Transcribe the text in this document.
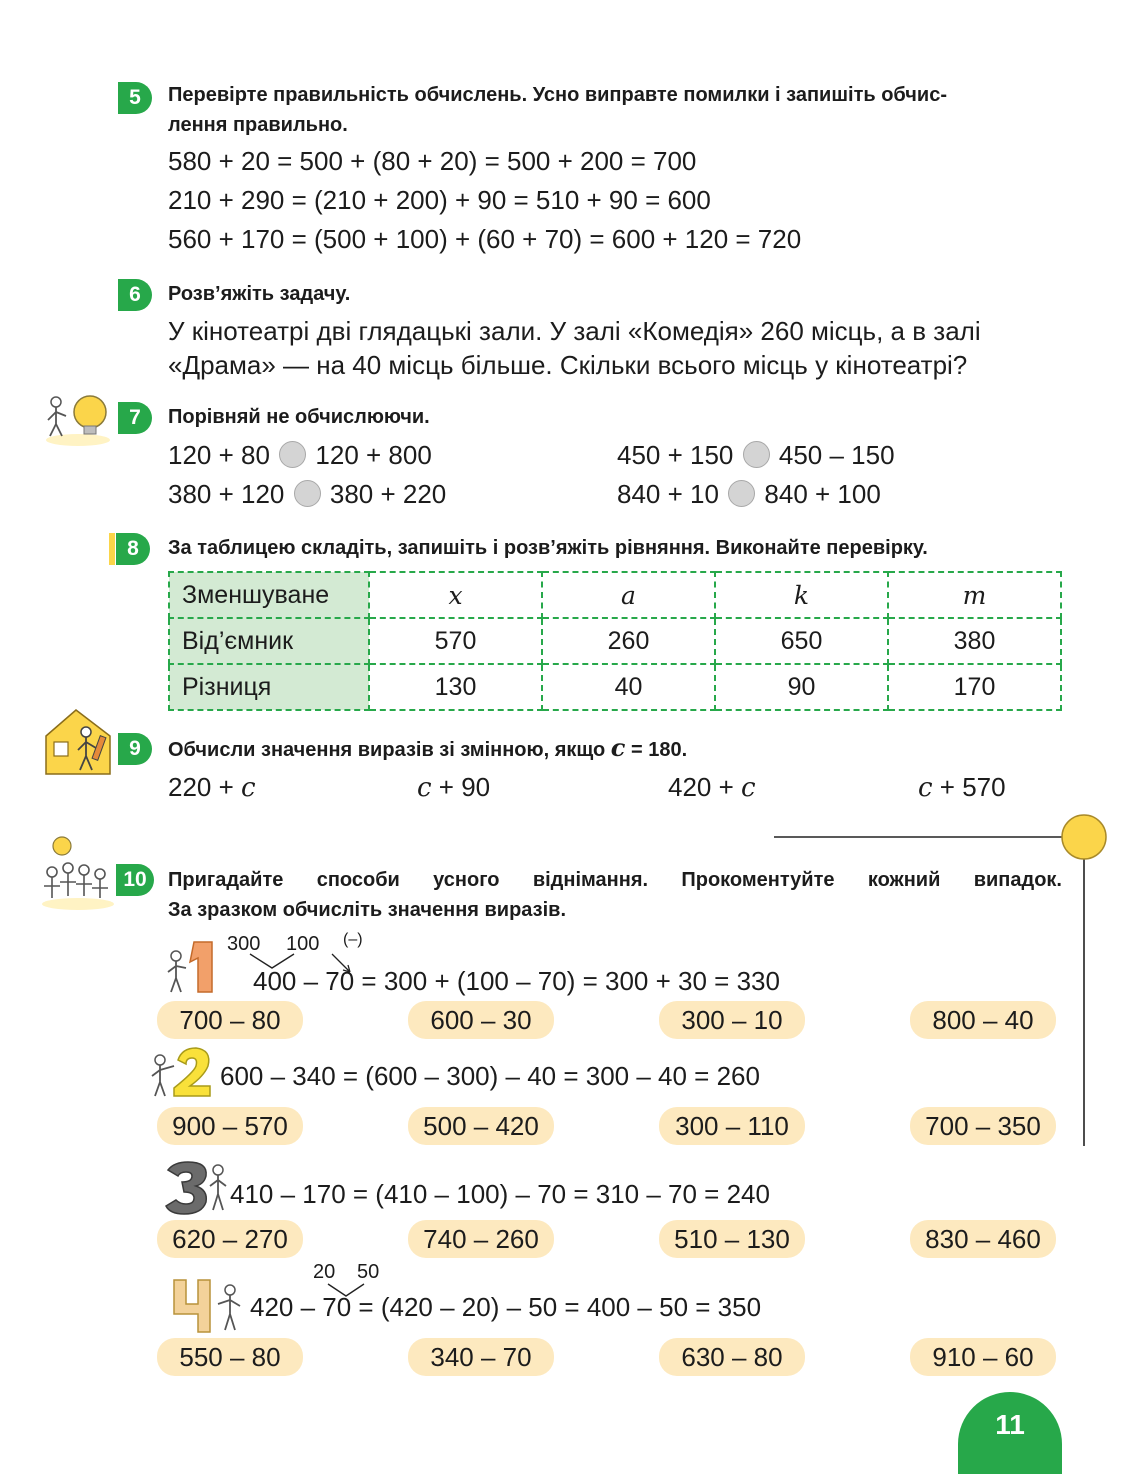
5	Перевірте правильність обчислень. Усно виправте помилки і запишіть обчис-
лення правильно.
580 + 20 = 500 + (80 + 20) = 500 + 200 = 700
210 + 290 = (210 + 200) + 90 = 510 + 90 = 600
560 + 170 = (500 + 100) + (60 + 70) = 600 + 120 = 720
6	Розв’яжіть задачу.
У кінотеатрі дві глядацькі зали. У залі «Комедія» 260 місць, а в залі
«Драма» — на 40 місць більше. Скільки всього місць у кінотеатрі?
7	Порівняй не обчислюючи.
120 + 80 120 + 800	450 + 150 450 – 150
380 + 120 380 + 220	840 + 10 840 + 100
8	За таблицею складіть, запишіть і розв’яжіть рівняння. Виконайте перевірку.
Зменшуване	x	a	k	m
Від’ємник	570	260	650	380
Різниця	130	40	90	170
9	Обчисли значення виразів зі змінною, якщо c = 180.
220 + c	c + 90	420 + c	c + 570
10	Пригадайте способи усного віднімання. Прокоментуйте кожний випадок.
За зразком обчисліть значення виразів.
300 100 (–)
400 – 70 = 300 + (100 – 70) = 300 + 30 = 330
700 – 80	600 – 30	300 – 10	800 – 40
600 – 340 = (600 – 300) – 40 = 300 – 40 = 260
900 – 570	500 – 420	300 – 110	700 – 350
410 – 170 = (410 – 100) – 70 = 310 – 70 = 240
620 – 270	740 – 260	510 – 130	830 – 460
20 50
420 – 70 = (420 – 20) – 50 = 400 – 50 = 350
550 – 80	340 – 70	630 – 80	910 – 60
11
